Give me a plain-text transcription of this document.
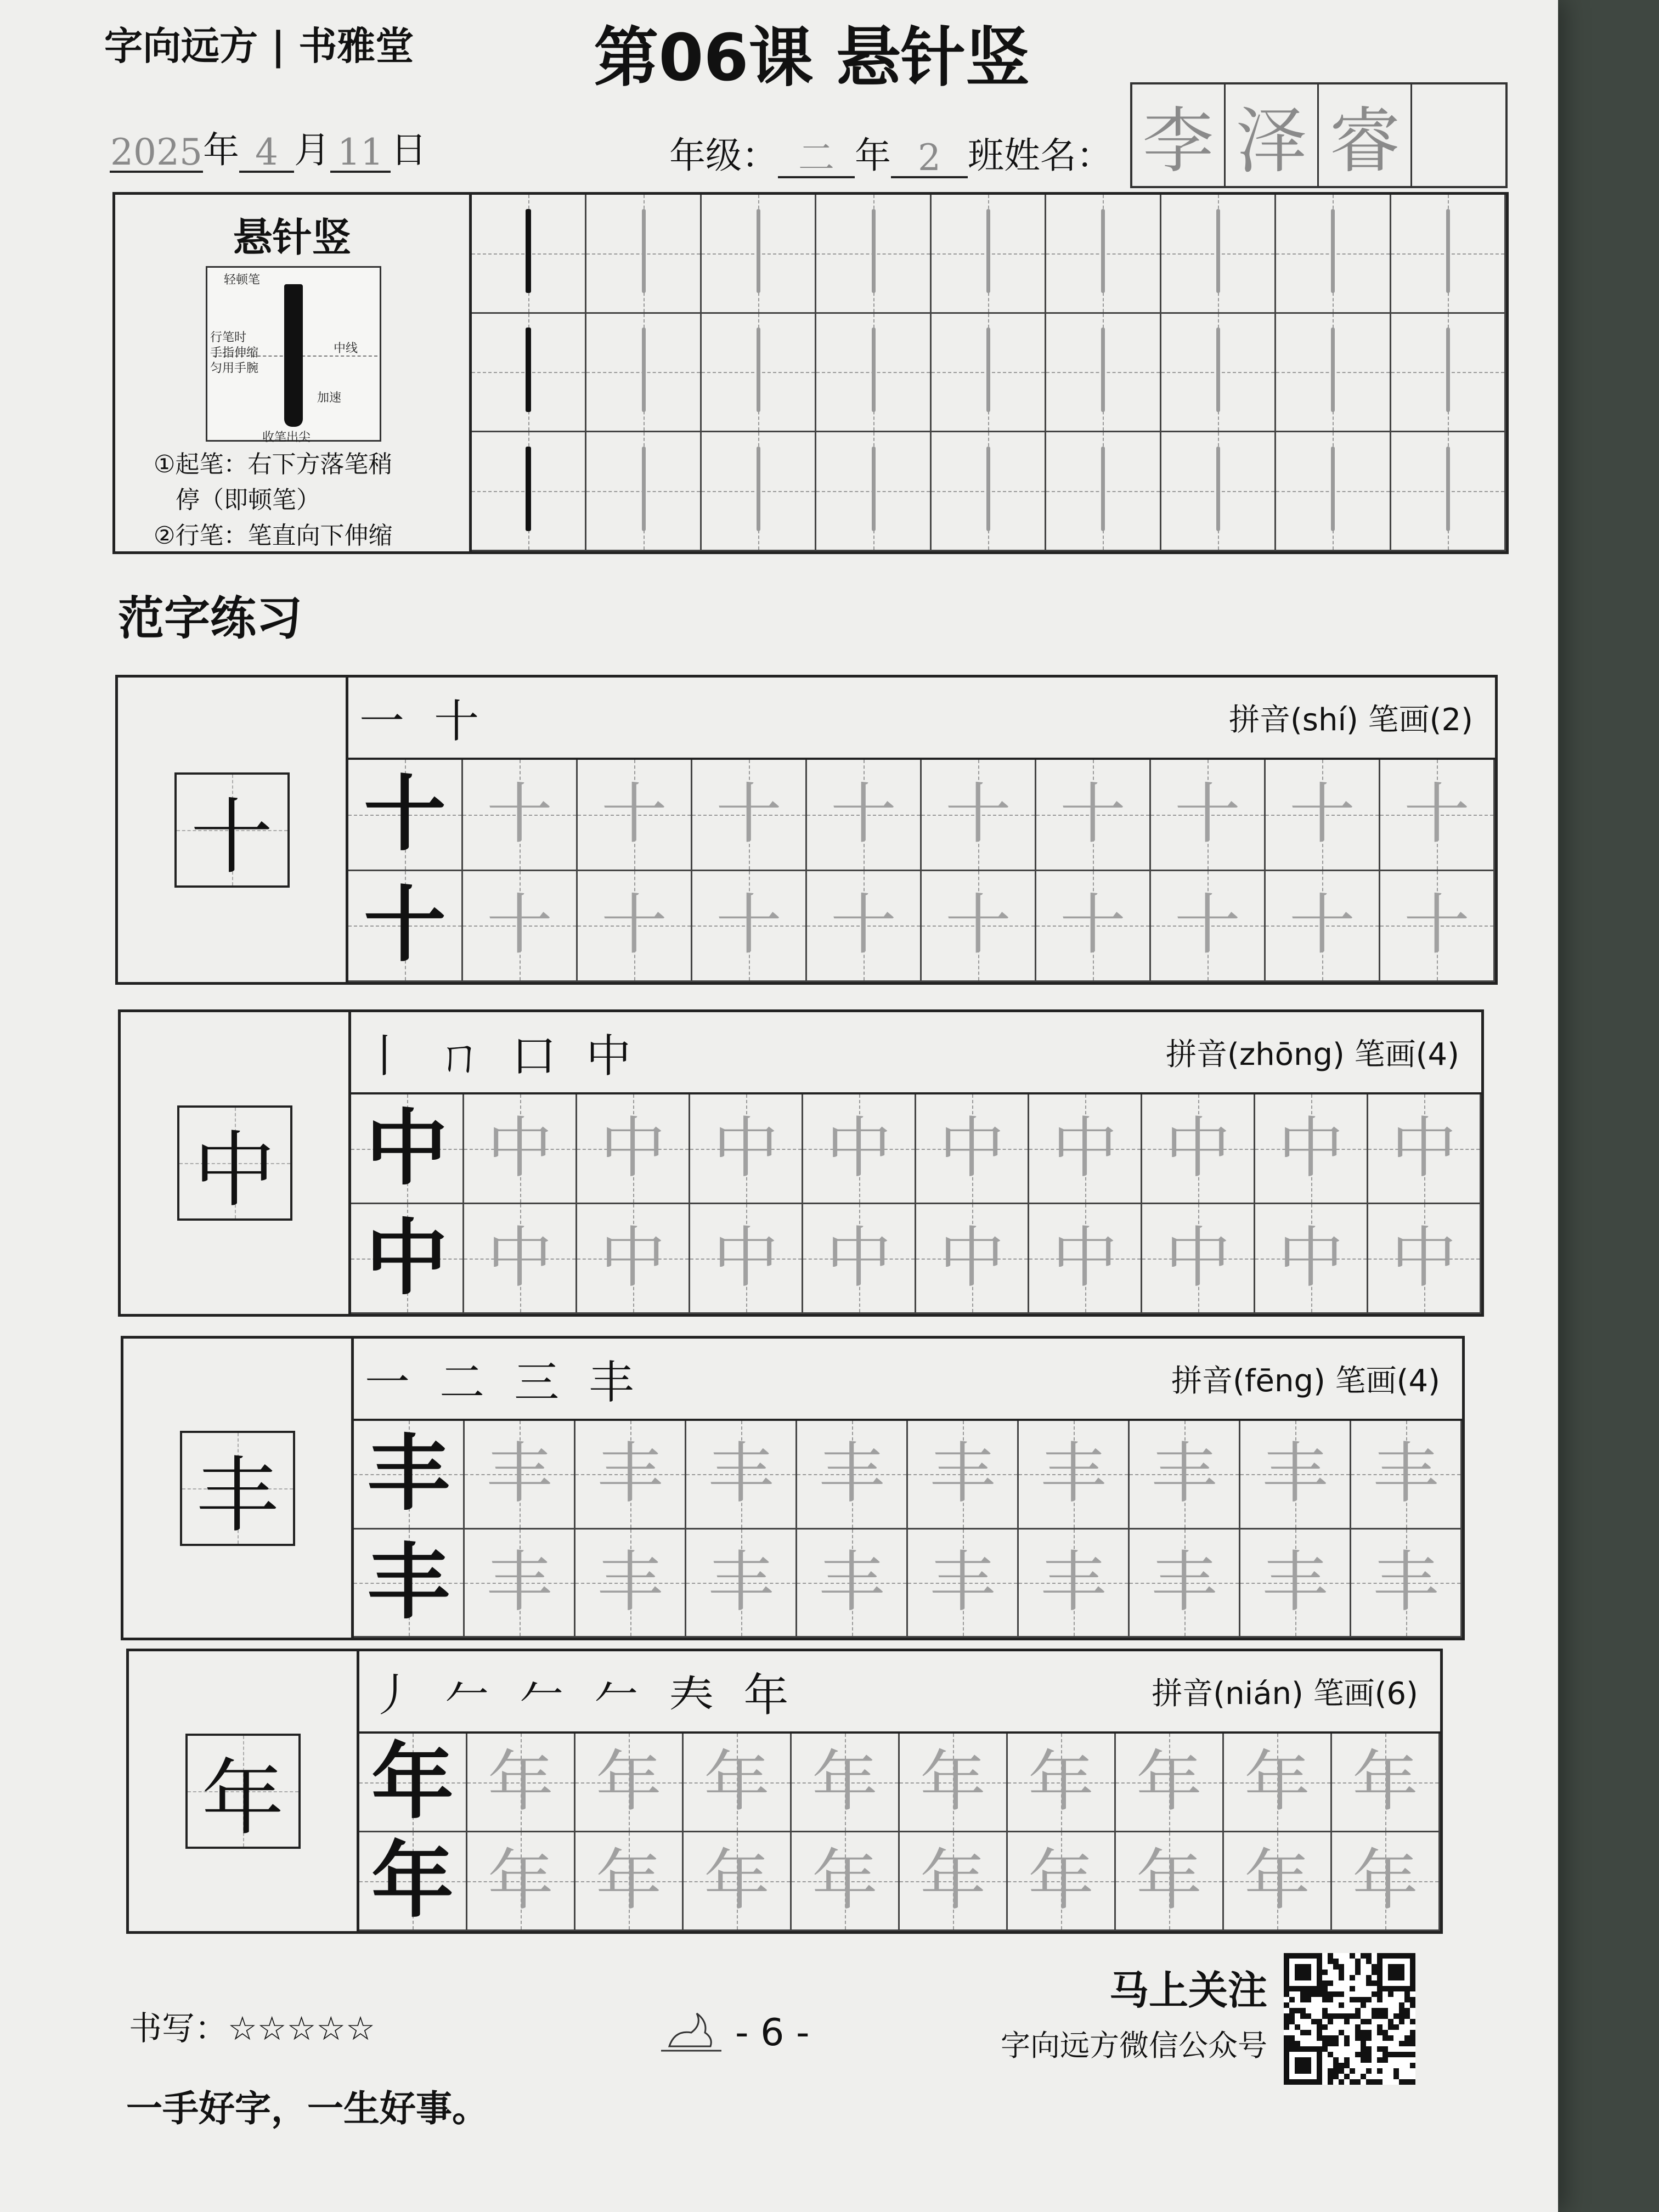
字向远方 | 书雅堂	第06课 悬针竖
2025 年 4 月 11 日	年级： 二 年 2 班 姓名： 李 泽 睿
悬针竖
轻顿笔
行笔时
手指伸缩
匀用手腕
中线
加速
收笔出尖
①起笔：右下方落笔稍
停（即顿笔）
②行笔：笔直向下伸缩
范字练习
十
一 十	拼音(shí) 笔画(2)
十 十 十 十 十 十 十 十 十 十
十 十 十 十 十 十 十 十 十 十
中
丨 ㄇ 口 中	拼音(zhōng) 笔画(4)
中 中 中 中 中 中 中 中 中 中
中 中 中 中 中 中 中 中 中 中
丰
一 二 三 丰	拼音(fēng) 笔画(4)
丰 丰 丰 丰 丰 丰 丰 丰 丰 丰
丰 丰 丰 丰 丰 丰 丰 丰 丰 丰
年
丿 𠂉 𠂉 𠂉 𡗗 年	拼音(nián) 笔画(6)
年 年 年 年 年 年 年 年 年 年
年 年 年 年 年 年 年 年 年 年
书写：☆☆☆☆☆	- 6 -
马上关注
字向远方微信公众号
一手好字，一生好事。
